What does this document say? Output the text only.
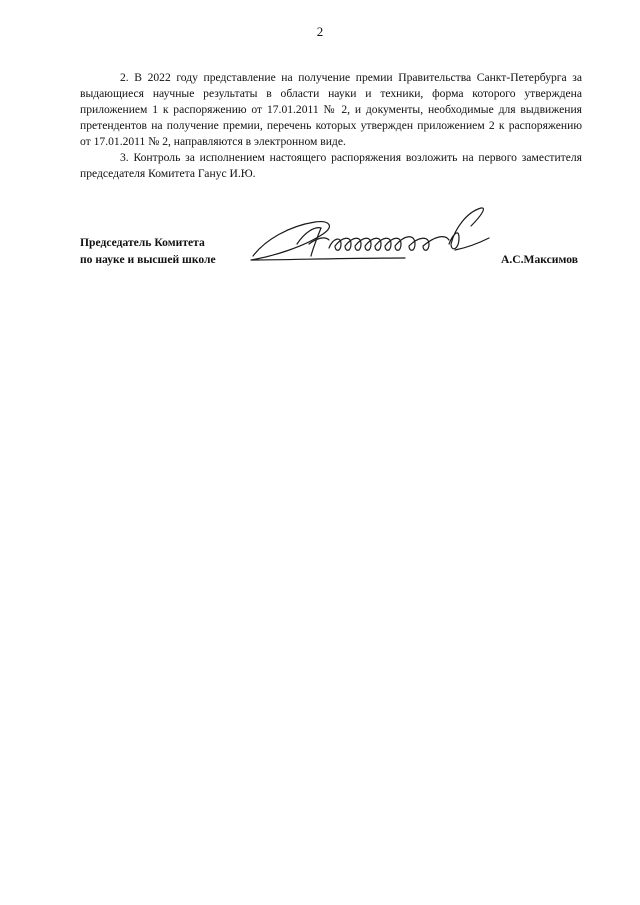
2

2. В 2022 году представление на получение премии Правительства Санкт-Петербурга за выдающиеся научные результаты в области науки и техники, форма которого утверждена приложением 1 к распоряжению от 17.01.2011 № 2, и документы, необходимые для выдвижения претендентов на получение премии, перечень которых утвержден приложением 2 к распоряжению от 17.01.2011 № 2, направляются в электронном виде.

3. Контроль за исполнением настоящего распоряжения возложить на первого заместителя председателя Комитета Ганус И.Ю.

Председатель Комитета
по науке и высшей школе	А.С.Максимов
